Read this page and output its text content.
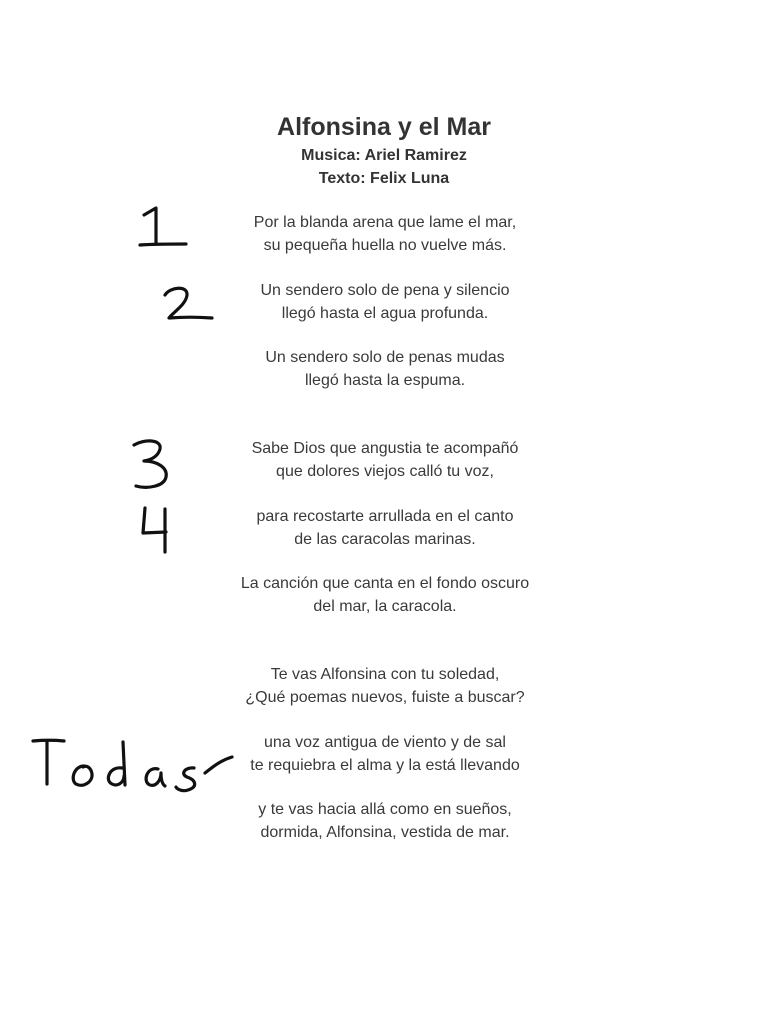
Alfonsina y el Mar
Musica: Ariel Ramirez
Texto: Felix Luna
Por la blanda arena que lame el mar,
su pequeña huella no vuelve más.
Un sendero solo de pena y silencio
llegó hasta el agua profunda.
Un sendero solo de penas mudas
llegó hasta la espuma.
Sabe Dios que angustia te acompañó
que dolores viejos calló tu voz,
para recostarte arrullada en el canto
de las caracolas marinas.
La canción que canta en el fondo oscuro
del mar, la caracola.
Te vas Alfonsina con tu soledad,
¿Qué poemas nuevos, fuiste a buscar?
una voz antigua de viento y de sal
te requiebra el alma y la está llevando
y te vas hacia allá como en sueños,
dormida, Alfonsina, vestida de mar.
